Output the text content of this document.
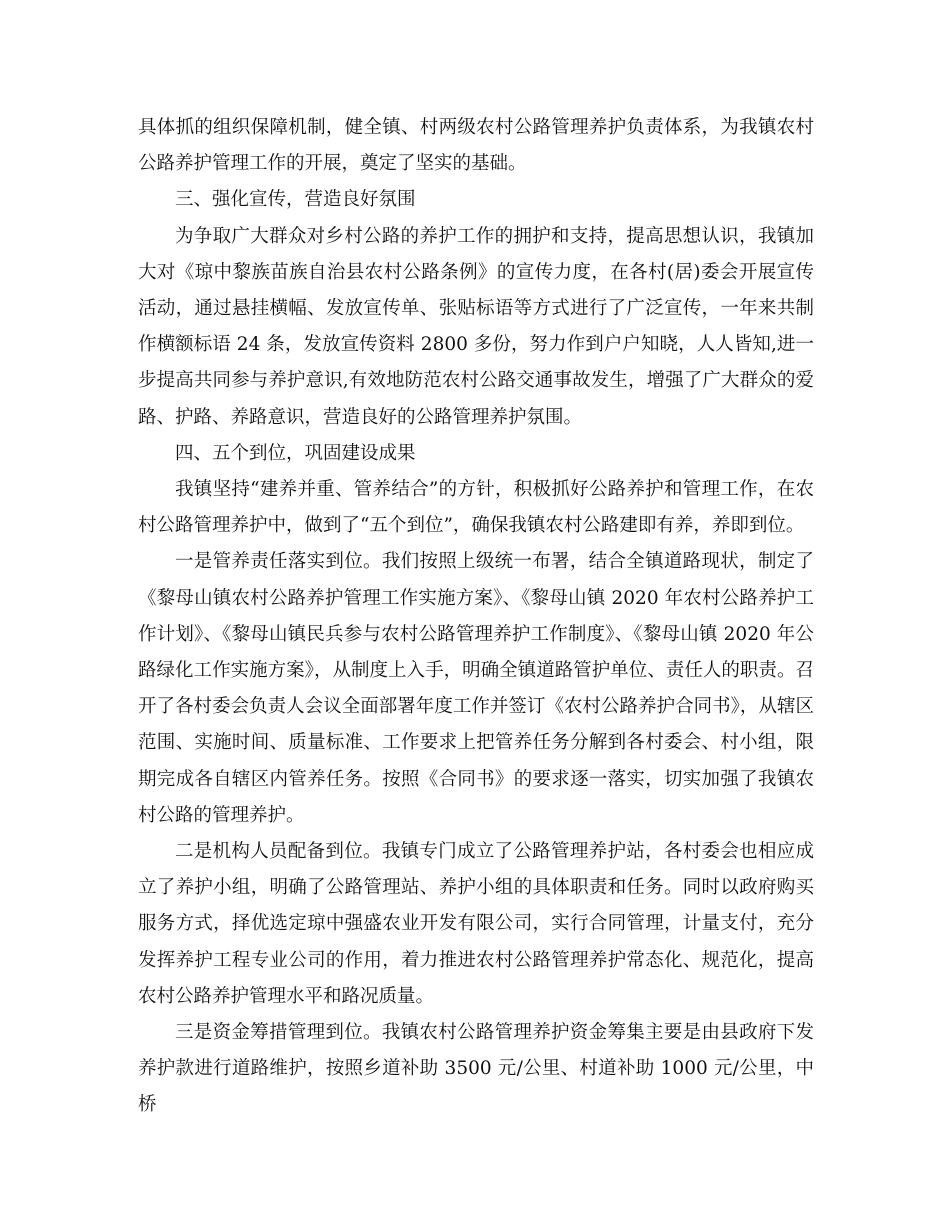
具体抓的组织保障机制，健全镇、村两级农村公路管理养护负责体系，为我镇农村公路养护管理工作的开展，奠定了坚实的基础。

三、强化宣传，营造良好氛围

为争取广大群众对乡村公路的养护工作的拥护和支持，提高思想认识，我镇加大对《琼中黎族苗族自治县农村公路条例》的宣传力度，在各村(居)委会开展宣传活动，通过悬挂横幅、发放宣传单、张贴标语等方式进行了广泛宣传，一年来共制作横额标语 24 条，发放宣传资料 2800 多份，努力作到户户知晓，人人皆知,进一步提高共同参与养护意识,有效地防范农村公路交通事故发生，增强了广大群众的爱路、护路、养路意识，营造良好的公路管理养护氛围。

四、五个到位，巩固建设成果

我镇坚持“建养并重、管养结合”的方针，积极抓好公路养护和管理工作，在农村公路管理养护中，做到了“五个到位”，确保我镇农村公路建即有养，养即到位。

一是管养责任落实到位。我们按照上级统一布署，结合全镇道路现状，制定了《黎母山镇农村公路养护管理工作实施方案》、《黎母山镇 2020 年农村公路养护工作计划》、《黎母山镇民兵参与农村公路管理养护工作制度》、《黎母山镇 2020 年公路绿化工作实施方案》，从制度上入手，明确全镇道路管护单位、责任人的职责。召开了各村委会负责人会议全面部署年度工作并签订《农村公路养护合同书》，从辖区范围、实施时间、质量标准、工作要求上把管养任务分解到各村委会、村小组，限期完成各自辖区内管养任务。按照《合同书》的要求逐一落实，切实加强了我镇农村公路的管理养护。

二是机构人员配备到位。我镇专门成立了公路管理养护站，各村委会也相应成立了养护小组，明确了公路管理站、养护小组的具体职责和任务。同时以政府购买服务方式，择优选定琼中强盛农业开发有限公司，实行合同管理，计量支付，充分发挥养护工程专业公司的作用，着力推进农村公路管理养护常态化、规范化，提高农村公路养护管理水平和路况质量。

三是资金筹措管理到位。我镇农村公路管理养护资金筹集主要是由县政府下发养护款进行道路维护，按照乡道补助 3500 元/公里、村道补助 1000 元/公里，中桥
